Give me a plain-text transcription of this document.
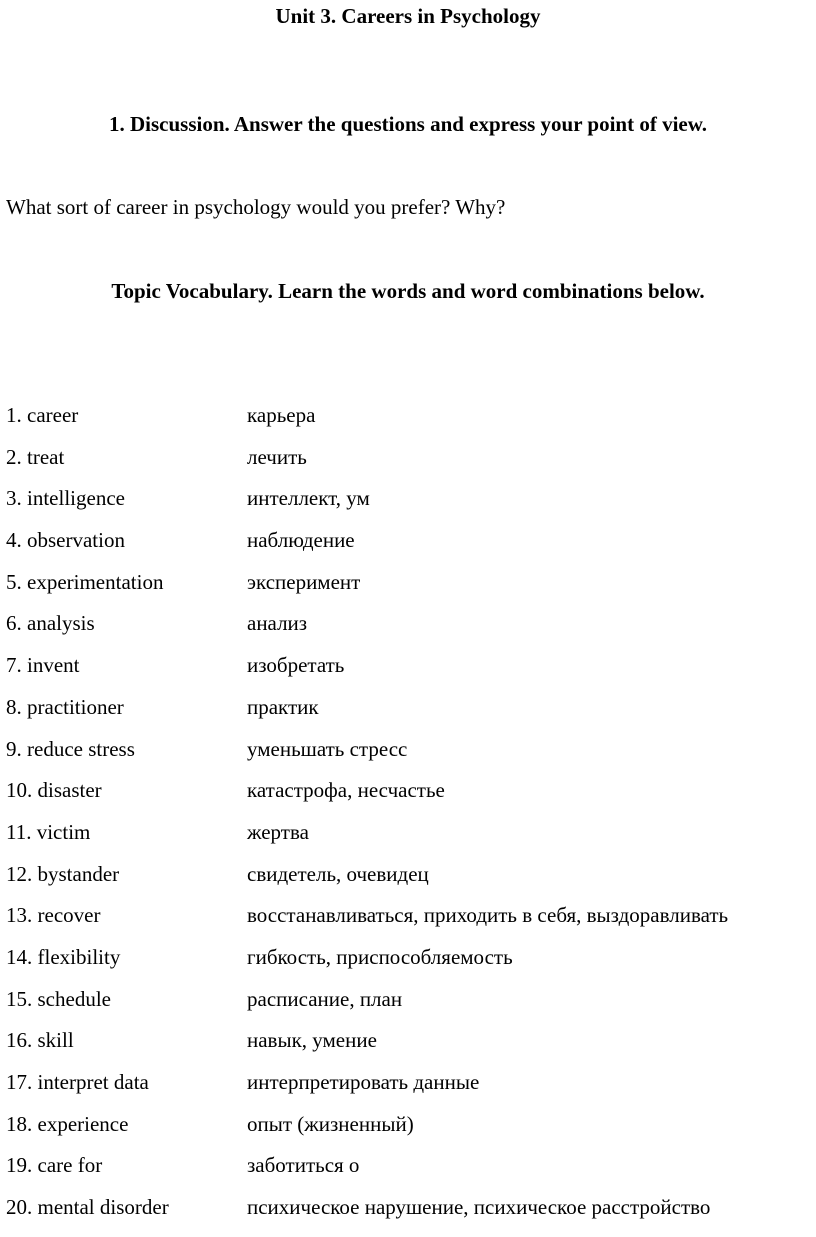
Unit 3. Careers in Psychology
1. Discussion. Answer the questions and express your point of view.

What sort of career in psychology would you prefer? Why?

Topic Vocabulary. Learn the words and word combinations below.
1. career	карьера
2. treat	лечить
3. intelligence	интеллект, ум
4. observation	наблюдение
5. experimentation	эксперимент
6. analysis	анализ
7. invent	изобретать
8. practitioner	практик
9. reduce stress	уменьшать стресс
10. disaster	катастрофа, несчастье
11. victim	жертва
12. bystander	свидетель, очевидец
13. recover	восстанавливаться, приходить в себя, выздоравливать
14. flexibility	гибкость, приспособляемость
15. schedule	расписание, план
16. skill	навык, умение
17. interpret data	интерпретировать данные
18. experience	опыт (жизненный)
19. care for	заботиться о
20. mental disorder	психическое нарушение, психическое расстройство
